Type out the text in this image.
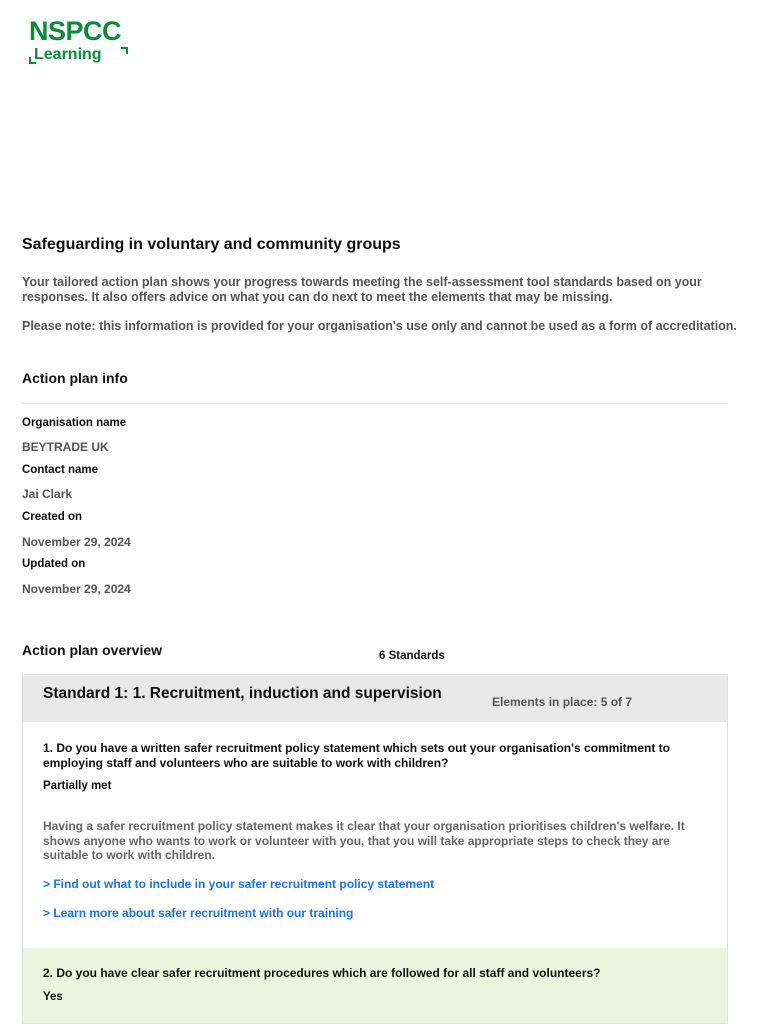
NSPCC
Learning
Safeguarding in voluntary and community groups

Your tailored action plan shows your progress towards meeting the self-assessment tool standards based on your responses. It also offers advice on what you can do next to meet the elements that may be missing.

Please note: this information is provided for your organisation's use only and cannot be used as a form of accreditation.

Action plan info
Organisation name
BEYTRADE UK
Contact name
Jai Clark
Created on
November 29, 2024
Updated on
November 29, 2024
Action plan overview	6 Standards
Standard 1: 1. Recruitment, induction and supervision	Elements in place: 5 of 7
1. Do you have a written safer recruitment policy statement which sets out your organisation's commitment to employing staff and volunteers who are suitable to work with children?
Partially met
Having a safer recruitment policy statement makes it clear that your organisation prioritises children's welfare. It shows anyone who wants to work or volunteer with you, that you will take appropriate steps to check they are suitable to work with children.
> Find out what to include in your safer recruitment policy statement
> Learn more about safer recruitment with our training
2. Do you have clear safer recruitment procedures which are followed for all staff and volunteers?
Yes
